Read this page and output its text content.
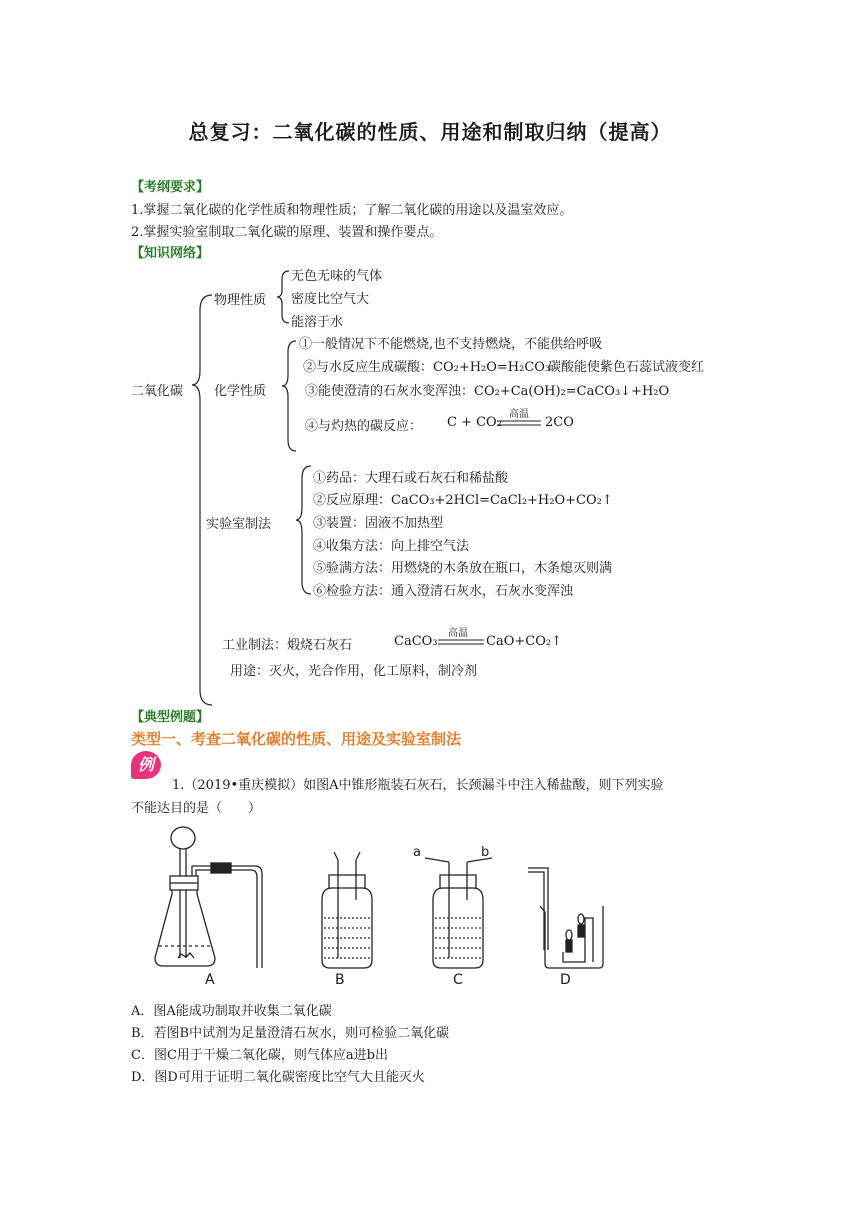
总复习：二氧化碳的性质、用途和制取归纳（提高）
【考纲要求】
1.掌握二氧化碳的化学性质和物理性质；了解二氧化碳的用途以及温室效应。
2.掌握实验室制取二氧化碳的原理、装置和操作要点。
【知识网络】
二氧化碳
物理性质
无色无味的气体
密度比空气大
能溶于水
化学性质
①一般情况下不能燃烧,也不支持燃烧，不能供给呼吸
②与水反应生成碳酸：CO₂+H₂O=H₂CO₃
碳酸能使紫色石蕊试液变红
③能使澄清的石灰水变浑浊：CO₂+Ca(OH)₂=CaCO₃↓+H₂O
④与灼热的碳反应： C + CO₂
高温
2CO
实验室制法
①药品：大理石或石灰石和稀盐酸
②反应原理：CaCO₃+2HCl=CaCl₂+H₂O+CO₂↑
③装置：固液不加热型
④收集方法：向上排空气法
⑤验满方法：用燃烧的木条放在瓶口，木条熄灭则满
⑥检验方法：通入澄清石灰水，石灰水变浑浊
工业制法：煅烧石灰石	CaCO₃
高温
CaO+CO₂↑
用途：灭火，光合作用，化工原料，制冷剂
【典型例题】
类型一、考查二氧化碳的性质、用途及实验室制法
例
1.（2019•重庆模拟）如图A中锥形瓶装石灰石，长颈漏斗中注入稀盐酸，则下列实验
不能达目的是（　　）
A	B	C	D
a	b
A．图A能成功制取并收集二氧化碳
B．若图B中试剂为足量澄清石灰水，则可检验二氧化碳
C．图C用于干燥二氧化碳，则气体应a进b出
D．图D可用于证明二氧化碳密度比空气大且能灭火
